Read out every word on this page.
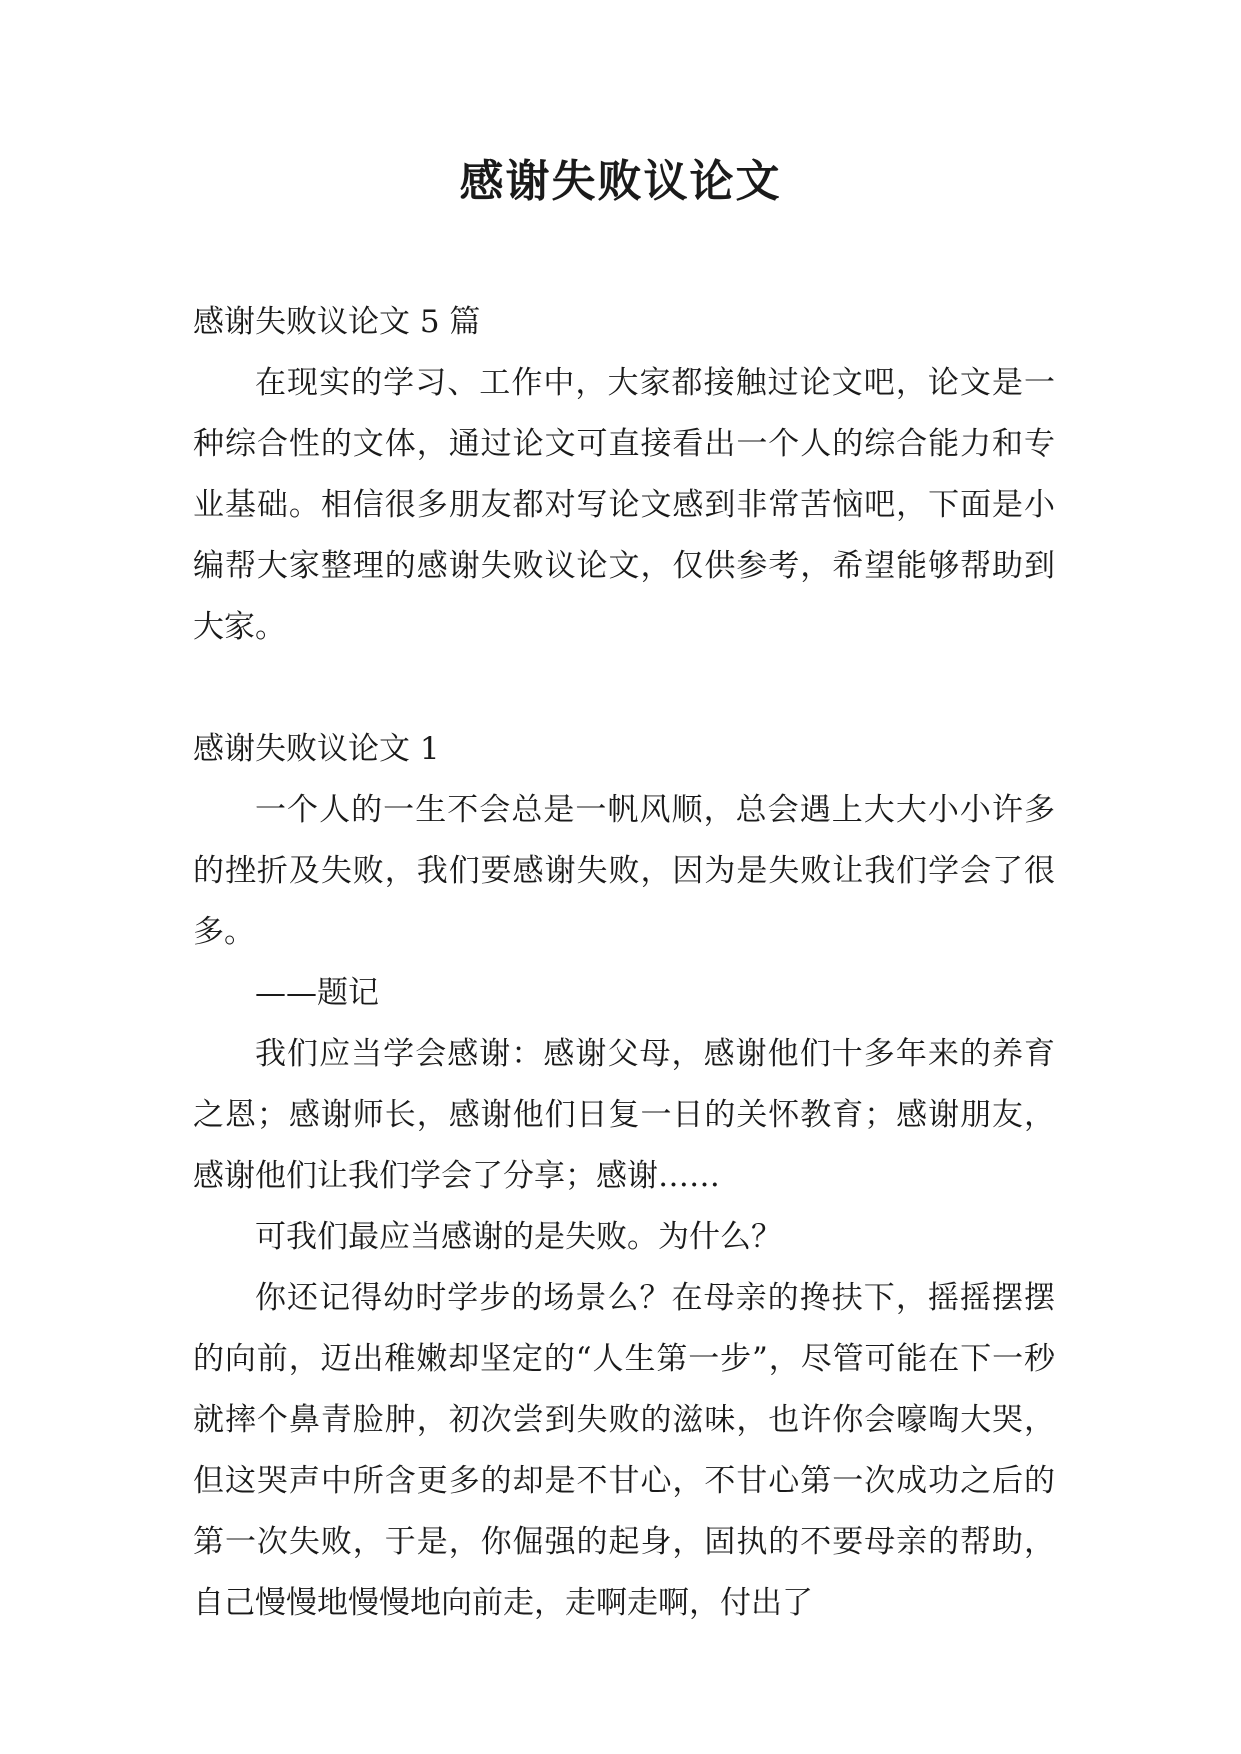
感谢失败议论文

感谢失败议论文 5 篇

在现实的学习、工作中，大家都接触过论文吧，论文是一种综合性的文体，通过论文可直接看出一个人的综合能力和专业基础。相信很多朋友都对写论文感到非常苦恼吧，下面是小编帮大家整理的感谢失败议论文，仅供参考，希望能够帮助到大家。

感谢失败议论文 1

一个人的一生不会总是一帆风顺，总会遇上大大小小许多的挫折及失败，我们要感谢失败，因为是失败让我们学会了很多。

——题记

我们应当学会感谢：感谢父母，感谢他们十多年来的养育之恩；感谢师长，感谢他们日复一日的关怀教育；感谢朋友，感谢他们让我们学会了分享；感谢……

可我们最应当感谢的是失败。为什么？

你还记得幼时学步的场景么？在母亲的搀扶下，摇摇摆摆的向前，迈出稚嫩却坚定的“人生第一步”，尽管可能在下一秒就摔个鼻青脸肿，初次尝到失败的滋味，也许你会嚎啕大哭，但这哭声中所含更多的却是不甘心，不甘心第一次成功之后的第一次失败，于是，你倔强的起身，固执的不要母亲的帮助，自己慢慢地慢慢地向前走，走啊走啊，付出了
